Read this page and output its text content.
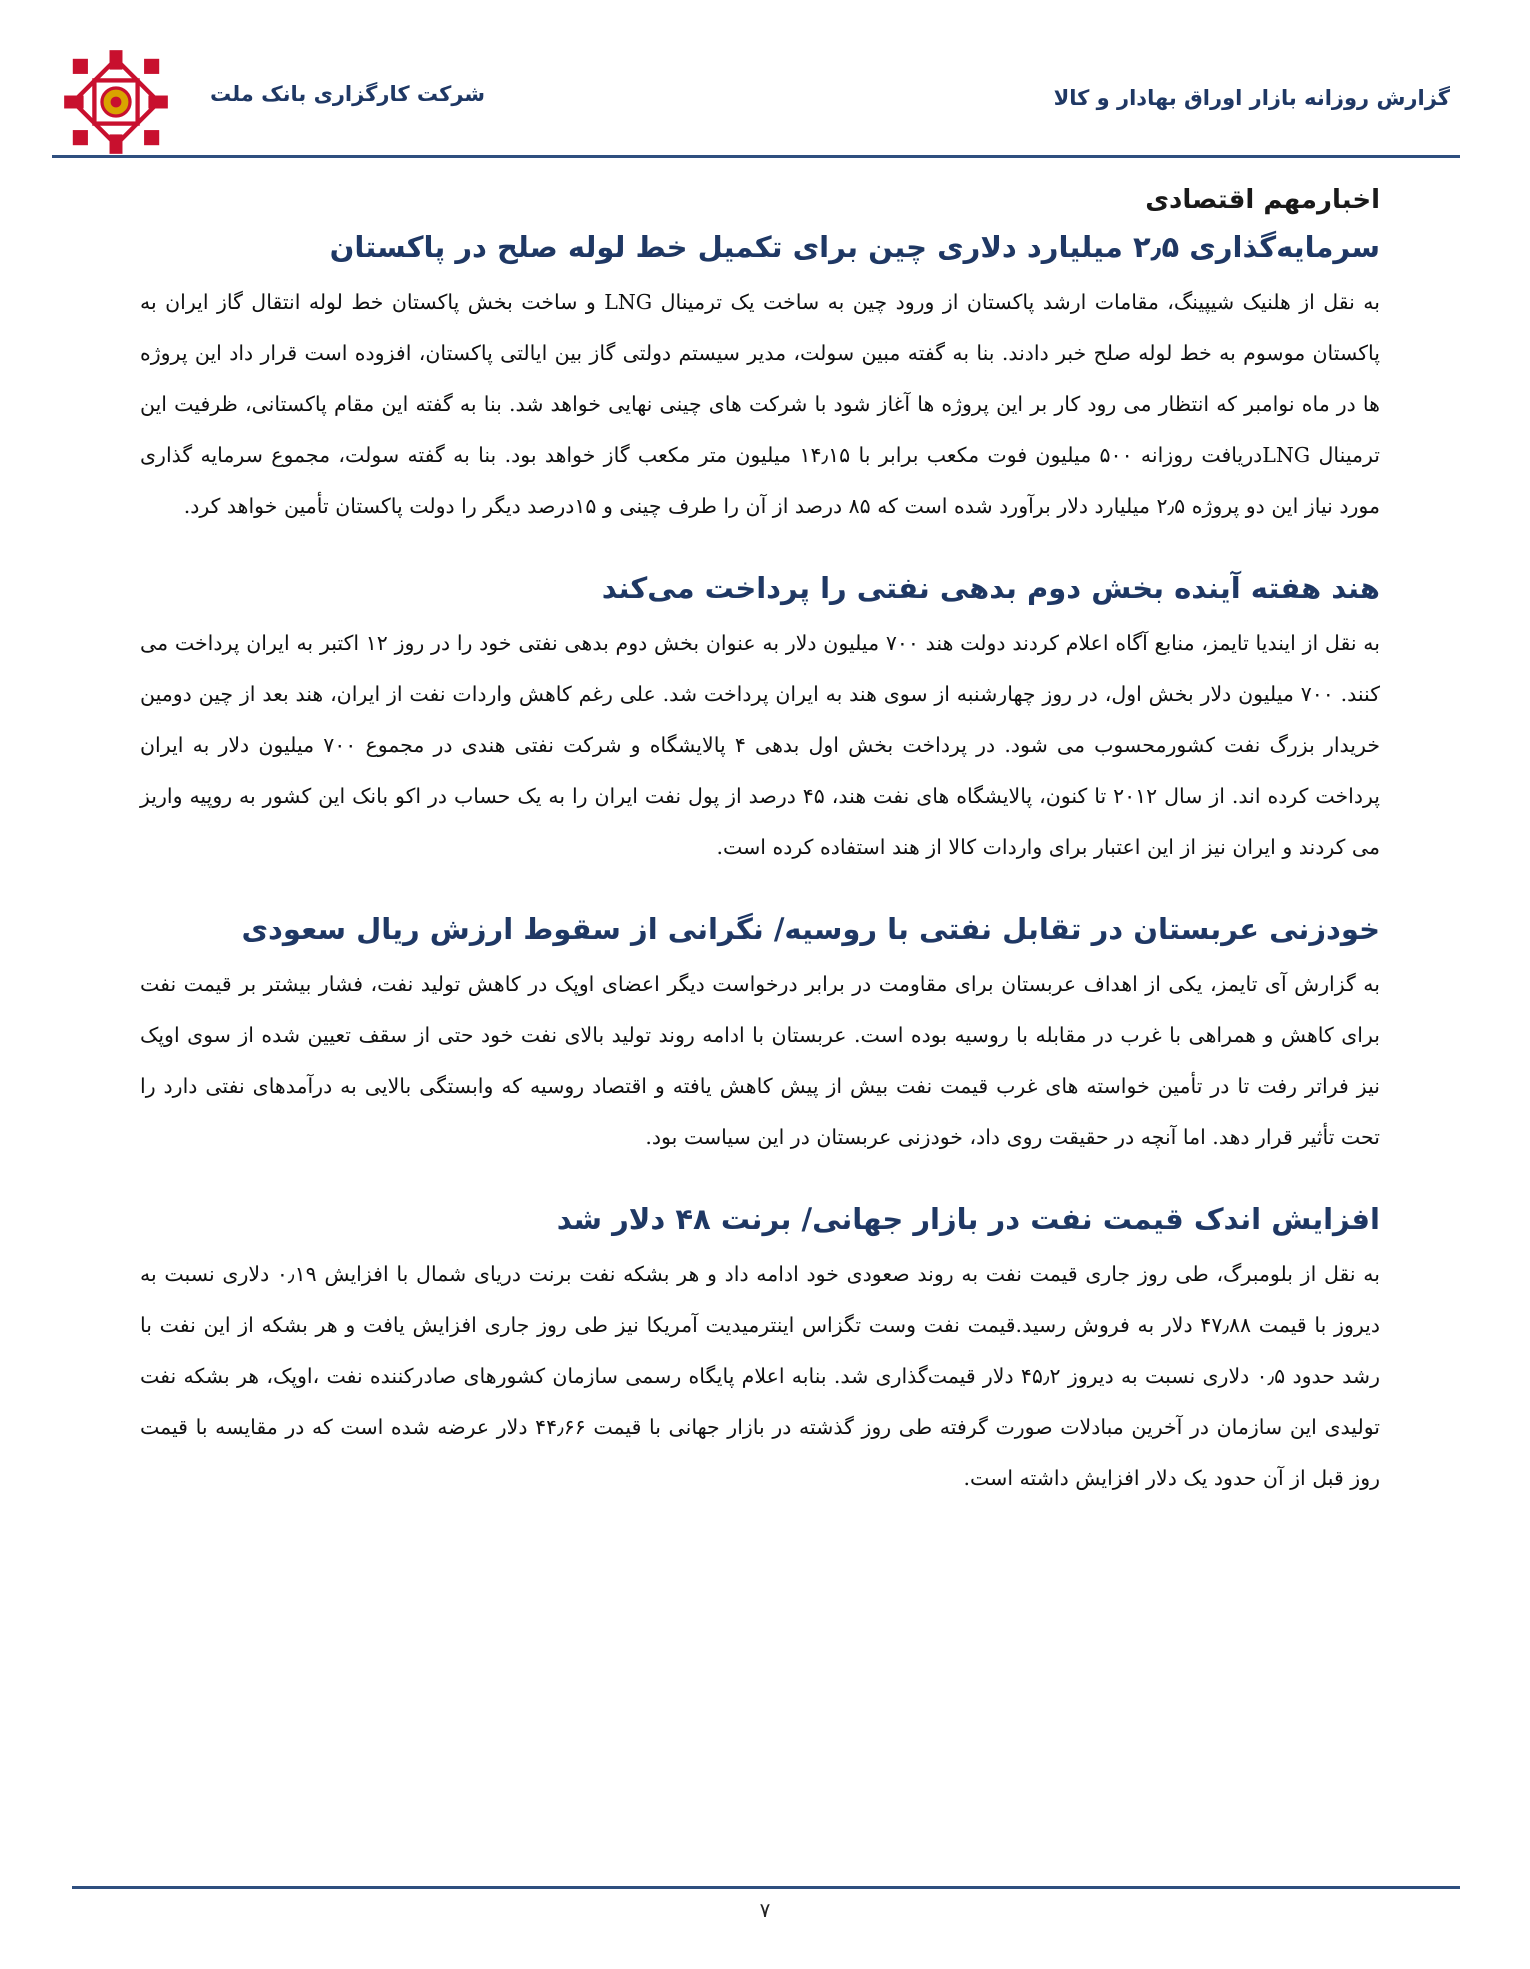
شرکت کارگزاری بانک ملت	گزارش روزانه بازار اوراق بهادار و کالا
اخبارمهم اقتصادی
سرمایه‌گذاری ۲٫۵ میلیارد دلاری چین برای تکمیل خط لوله صلح در پاکستان

به نقل از هلنیک شیپینگ، مقامات ارشد پاکستان از ورود چین به ساخت یک ترمینال LNG و ساخت بخش پاکستان خط لوله انتقال گاز ایران به پاکستان موسوم به خط لوله صلح خبر دادند. بنا به گفته مبین سولت، مدیر سیستم دولتی گاز بین ایالتی پاکستان، افزوده است قرار داد این پروژه ها در ماه نوامبر که انتظار می رود کار بر این پروژه ها آغاز شود با شرکت های چینی نهایی خواهد شد. بنا به گفته این مقام پاکستانی، ظرفیت این ترمینال LNGدریافت روزانه ۵۰۰ میلیون فوت مکعب برابر با ۱۴٫۱۵ میلیون متر مکعب گاز خواهد بود. بنا به گفته سولت، مجموع سرمایه گذاری مورد نیاز این دو پروژه ۲٫۵ میلیارد دلار برآورد شده است که ۸۵ درصد از آن را طرف چینی و ۱۵درصد دیگر را دولت پاکستان تأمین خواهد کرد.

هند هفته آینده بخش دوم بدهی نفتی را پرداخت می‌کند

به نقل از ایندیا تایمز، منابع آگاه اعلام کردند دولت هند ۷۰۰ میلیون دلار به عنوان بخش دوم بدهی نفتی خود را در روز ۱۲ اکتبر به ایران پرداخت می کنند. ۷۰۰ میلیون دلار بخش اول، در روز چهارشنبه از سوی هند به ایران پرداخت شد. علی رغم کاهش واردات نفت از ایران، هند بعد از چین دومین خریدار بزرگ نفت کشورمحسوب می شود. در پرداخت بخش اول بدهی ۴ پالایشگاه و شرکت نفتی هندی در مجموع ۷۰۰ میلیون دلار به ایران پرداخت کرده اند. از سال ۲۰۱۲ تا کنون، پالایشگاه های نفت هند، ۴۵ درصد از پول نفت ایران را به یک حساب در اکو بانک این کشور به روپیه واریز می کردند و ایران نیز از این اعتبار برای واردات کالا از هند استفاده کرده است.

خودزنی عربستان در تقابل نفتی با روسیه/ نگرانی از سقوط ارزش ریال سعودی

به گزارش آی تایمز، یکی از اهداف عربستان برای مقاومت در برابر درخواست دیگر اعضای اوپک در کاهش تولید نفت، فشار بیشتر بر قیمت نفت برای کاهش و همراهی با غرب در مقابله با روسیه بوده است. عربستان با ادامه روند تولید بالای نفت خود حتی از سقف تعیین شده از سوی اوپک نیز فراتر رفت تا در تأمین خواسته های غرب قیمت نفت بیش از پیش کاهش یافته و اقتصاد روسیه که وابستگی بالایی به درآمدهای نفتی دارد را تحت تأثیر قرار دهد. اما آنچه در حقیقت روی داد، خودزنی عربستان در این سیاست بود.

افزایش اندک قیمت نفت در بازار جهانی/ برنت ۴۸ دلار شد

به نقل از بلومبرگ، طی روز جاری قیمت نفت به روند صعودی خود ادامه داد و هر بشکه نفت برنت دریای شمال با افزایش ۰٫۱۹ دلاری نسبت به دیروز با قیمت ۴۷٫۸۸ دلار به فروش رسید.قیمت نفت وست تگزاس اینترمیدیت آمریکا نیز طی روز جاری افزایش یافت و هر بشکه از این نفت با رشد حدود ۰٫۵ دلاری نسبت به دیروز ۴۵٫۲ دلار قیمت‌گذاری شد. بنابه اعلام پایگاه رسمی سازمان کشورهای صادرکننده نفت ،اوپک، هر بشکه نفت تولیدی این سازمان در آخرین مبادلات صورت گرفته طی روز گذشته در بازار جهانی با قیمت ۴۴٫۶۶ دلار عرضه شده است که در مقایسه با قیمت روز قبل از آن حدود یک دلار افزایش داشته است.

۷
